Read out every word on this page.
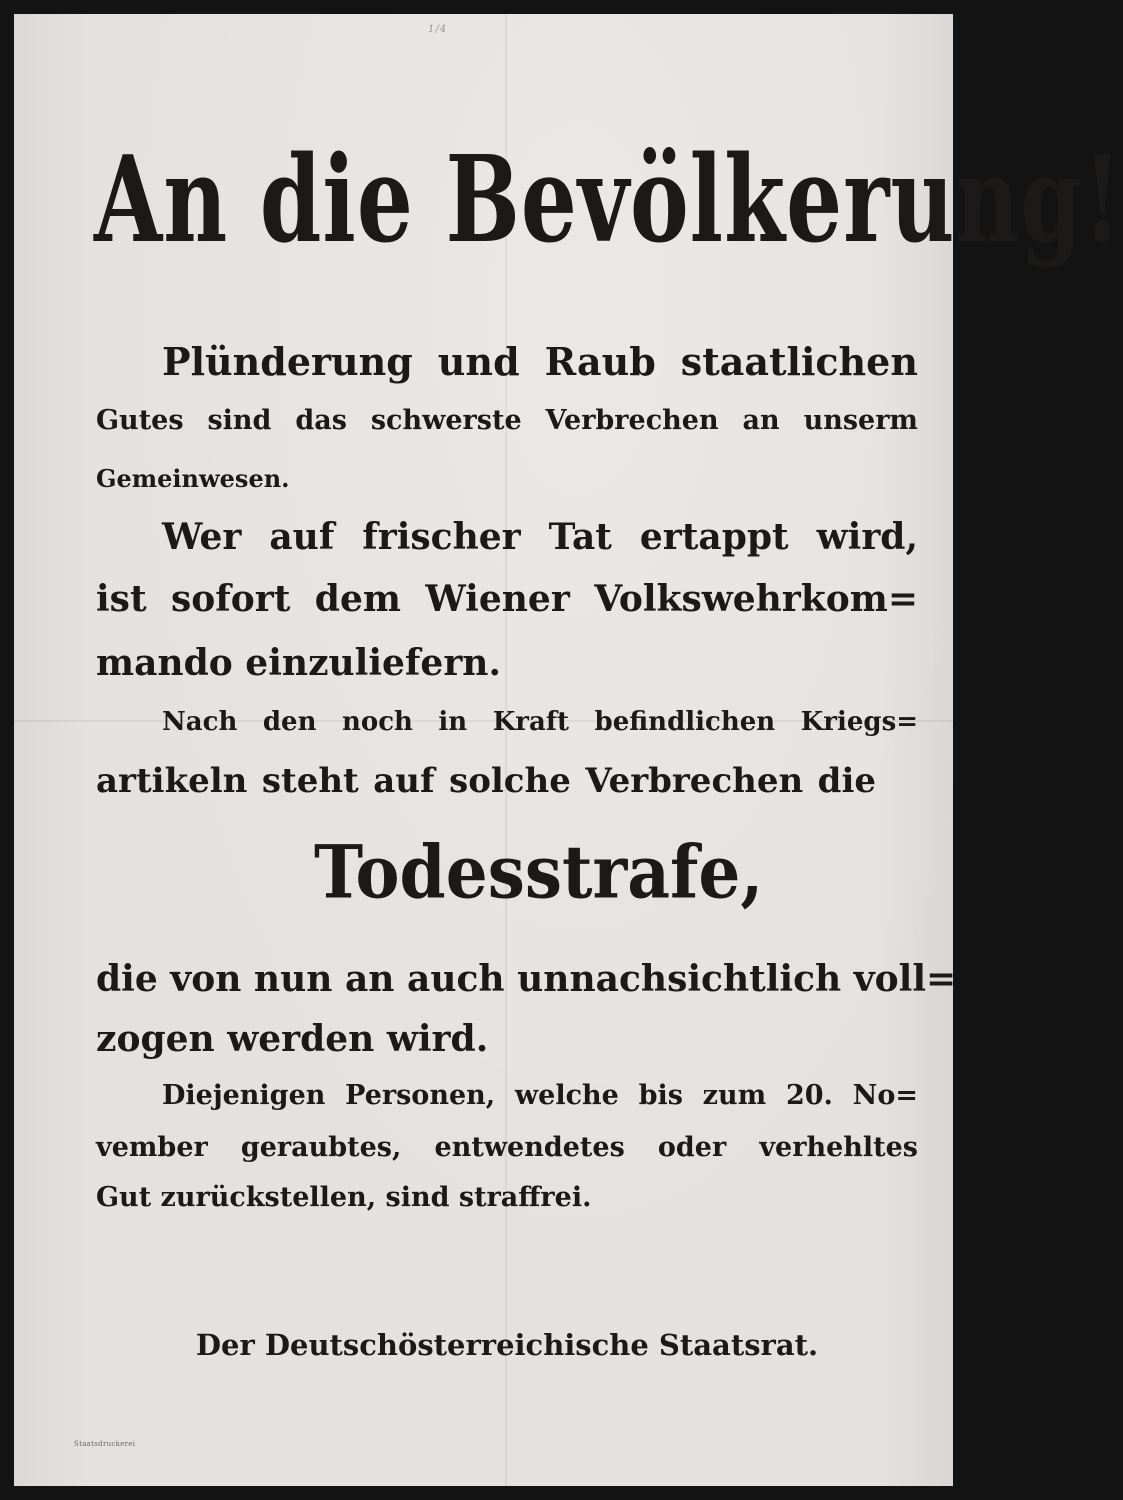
1/4
An die Bevölkerung!
Plünderung und Raub staatlichen
Gutes sind das schwerste Verbrechen an unserm
Gemeinwesen.
Wer auf frischer Tat ertappt wird,
ist sofort dem Wiener Volkswehrkom=
mando einzuliefern.
Nach den noch in Kraft befindlichen Kriegs=
artikeln steht auf solche Verbrechen die
Todesstrafe,
die von nun an auch unnachsichtlich voll=
zogen werden wird.
Diejenigen Personen, welche bis zum 20. No=
vember geraubtes, entwendetes oder verhehltes
Gut zurückstellen, sind straffrei.
Der Deutschösterreichische Staatsrat.
Staatsdruckerei
